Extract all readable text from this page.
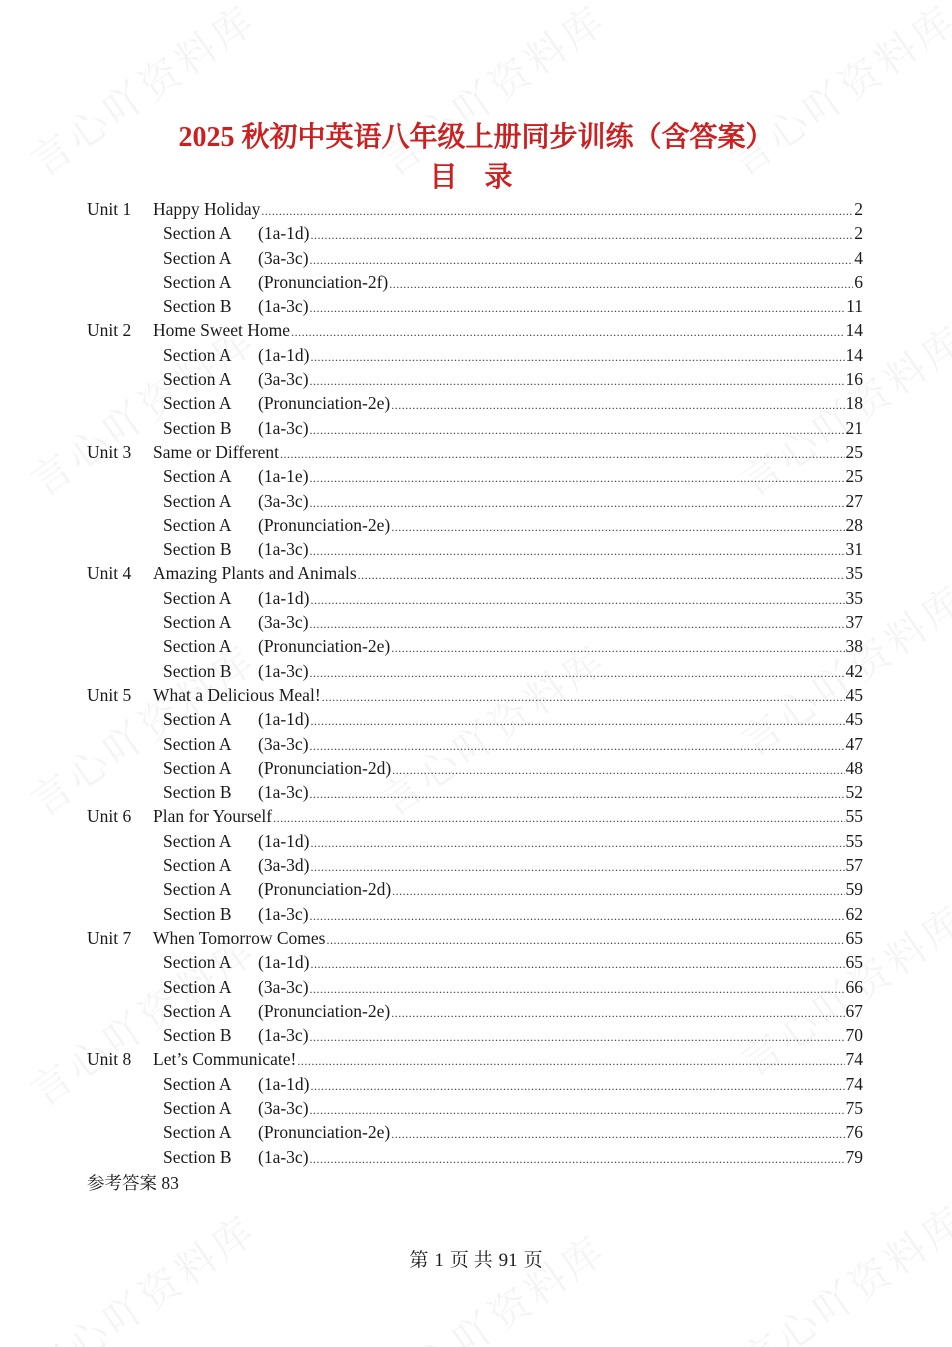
2025 秋初中英语八年级上册同步训练（含答案）
目 录
Unit 1 Happy Holiday .....	2
Section A (1a-1d) .....	2
Section A (3a-3c) .....	4
Section A (Pronunciation-2f) .....	6
Section B (1a-3c) .....	11
Unit 2 Home Sweet Home .....	14
Section A (1a-1d) .....	14
Section A (3a-3c) .....	16
Section A (Pronunciation-2e) .....	18
Section B (1a-3c) .....	21
Unit 3 Same or Different .....	25
Section A (1a-1e) .....	25
Section A (3a-3c) .....	27
Section A (Pronunciation-2e) .....	28
Section B (1a-3c) .....	31
Unit 4 Amazing Plants and Animals .....	35
Section A (1a-1d) .....	35
Section A (3a-3c) .....	37
Section A (Pronunciation-2e) .....	38
Section B (1a-3c) .....	42
Unit 5 What a Delicious Meal! .....	45
Section A (1a-1d) .....	45
Section A (3a-3c) .....	47
Section A (Pronunciation-2d) .....	48
Section B (1a-3c) .....	52
Unit 6 Plan for Yourself .....	55
Section A (1a-1d) .....	55
Section A (3a-3d) .....	57
Section A (Pronunciation-2d) .....	59
Section B (1a-3c) .....	62
Unit 7 When Tomorrow Comes .....	65
Section A (1a-1d) .....	65
Section A (3a-3c) .....	66
Section A (Pronunciation-2e) .....	67
Section B (1a-3c) .....	70
Unit 8 Let’s Communicate! .....	74
Section A (1a-1d) .....	74
Section A (3a-3c) .....	75
Section A (Pronunciation-2e) .....	76
Section B (1a-3c) .....	79
参考答案 83
第 1 页 共 91 页
